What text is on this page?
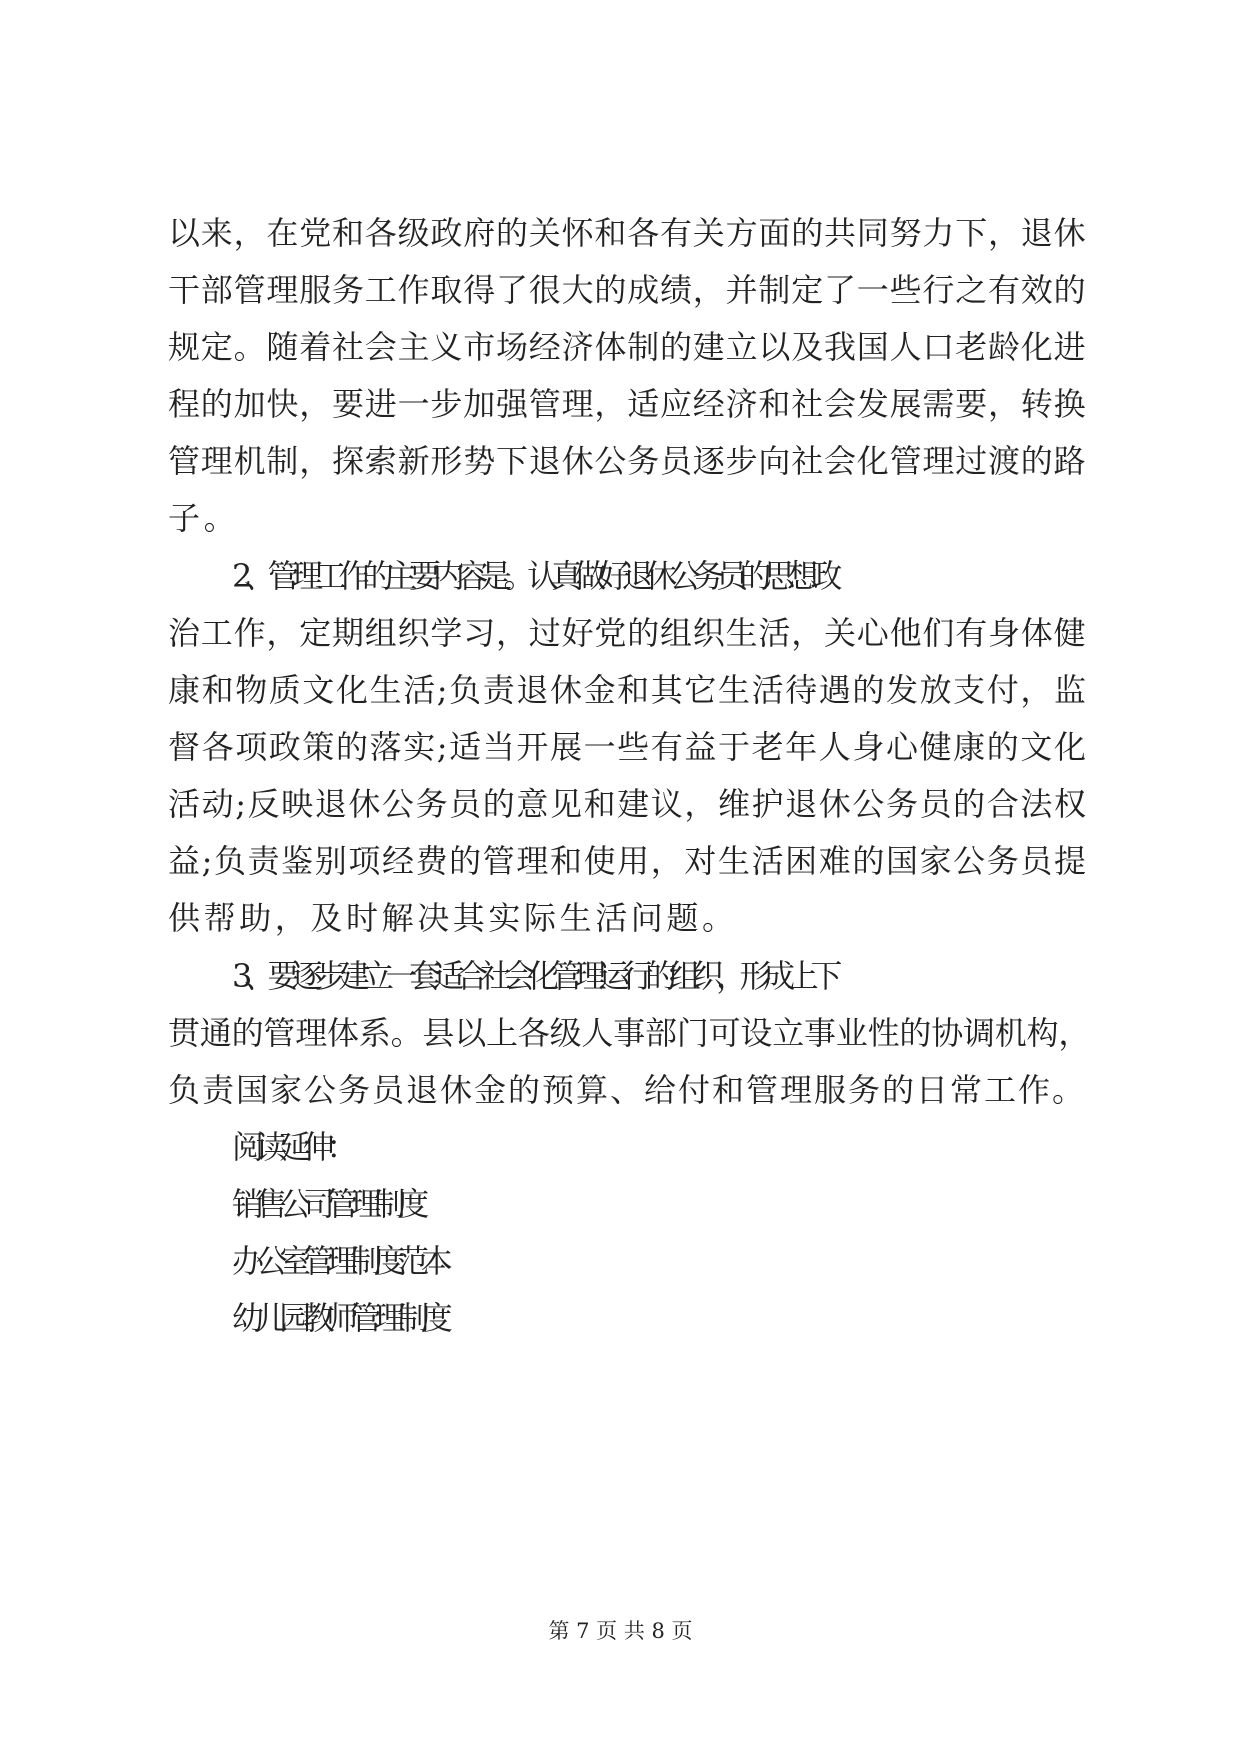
以来，在党和各级政府的关怀和各有关方面的共同努力下，退休
干部管理服务工作取得了很大的成绩，并制定了一些行之有效的
规定。随着社会主义市场经济体制的建立以及我国人口老龄化进
程的加快，要进一步加强管理，适应经济和社会发展需要，转换
管理机制，探索新形势下退休公务员逐步向社会化管理过渡的路
子。
2、管理工作的主要内容是。认真做好退休公务员的思想政
治工作，定期组织学习，过好党的组织生活，关心他们有身体健
康和物质文化生活;负责退休金和其它生活待遇的发放支付，监
督各项政策的落实;适当开展一些有益于老年人身心健康的文化
活动;反映退休公务员的意见和建议，维护退休公务员的合法权
益;负责鉴别项经费的管理和使用，对生活困难的国家公务员提
供帮助，及时解决其实际生活问题。
3、要逐步建立一套适合社会化管理运行的组织，形成上下
贯通的管理体系。县以上各级人事部门可设立事业性的协调机构，
负责国家公务员退休金的预算、给付和管理服务的日常工作。
阅读延伸：
销售公司管理制度
办公室管理制度范本
幼儿园教师管理制度
第 7 页 共 8 页
